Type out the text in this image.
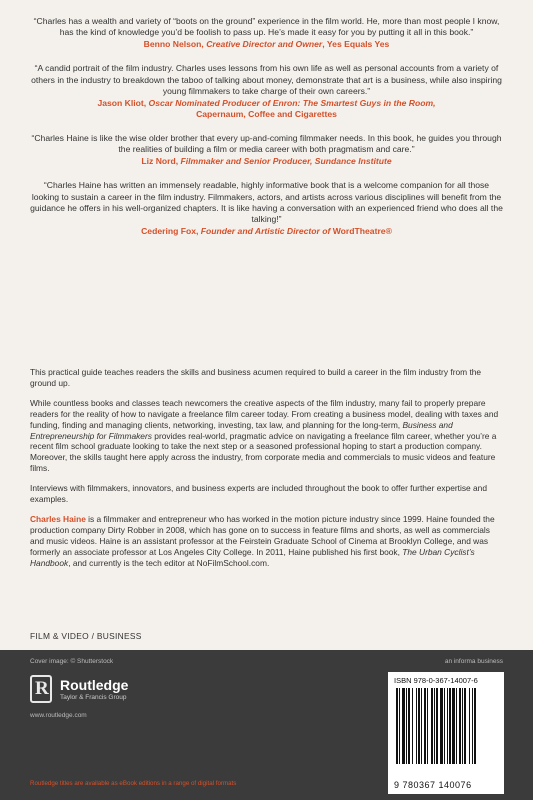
“Charles has a wealth and variety of “boots on the ground” experience in the film world. He, more than most people I know, has the kind of knowledge you’d be foolish to pass up. He’s made it easy for you by putting it all in this book.”
Benno Nelson, Creative Director and Owner, Yes Equals Yes
“A candid portrait of the film industry. Charles uses lessons from his own life as well as personal accounts from a variety of others in the industry to breakdown the taboo of talking about money, demonstrate that art is a business, while also inspiring young filmmakers to take charge of their own careers.”
Jason Kliot, Oscar Nominated Producer of Enron: The Smartest Guys in the Room,
Capernaum, Coffee and Cigarettes
“Charles Haine is like the wise older brother that every up-and-coming filmmaker needs. In this book, he guides you through the realities of building a film or media career with both pragmatism and care.”
Liz Nord, Filmmaker and Senior Producer, Sundance Institute
“Charles Haine has written an immensely readable, highly informative book that is a welcome companion for all those looking to sustain a career in the film industry. Filmmakers, actors, and artists across various disciplines will benefit from the guidance he offers in his well-organized chapters. It is like having a conversation with an experienced friend who does all the talking!”
Cedering Fox, Founder and Artistic Director of WordTheatre®

This practical guide teaches readers the skills and business acumen required to build a career in the film industry from the ground up.

While countless books and classes teach newcomers the creative aspects of the film industry, many fail to properly prepare readers for the reality of how to navigate a freelance film career today. From creating a business model, dealing with taxes and funding, finding and managing clients, networking, investing, tax law, and planning for the long-term, Business and Entrepreneurship for Filmmakers provides real-world, pragmatic advice on navigating a freelance film career, whether you’re a recent film school graduate looking to take the next step or a seasoned professional hoping to start a production company. Moreover, the skills taught here apply across the industry, from corporate media and commercials to music videos and feature films.

Interviews with filmmakers, innovators, and business experts are included throughout the book to offer further expertise and examples.

Charles Haine is a filmmaker and entrepreneur who has worked in the motion picture industry since 1999. Haine founded the production company Dirty Robber in 2008, which has gone on to success in feature films and shorts, as well as commercials and music videos. Haine is an assistant professor at the Feirstein Graduate School of Cinema at Brooklyn College, and was formerly an associate professor at Los Angeles City College. In 2011, Haine published his first book, The Urban Cyclist’s Handbook, and currently is the tech editor at NoFilmSchool.com.

FILM & VIDEO / BUSINESS
Cover image: © Shutterstock	an informa business
R Routledge
Taylor & Francis Group
www.routledge.com
Routledge titles are available as eBook editions in a range of digital formats
ISBN 978-0-367-14007-6
9 780367 140076
